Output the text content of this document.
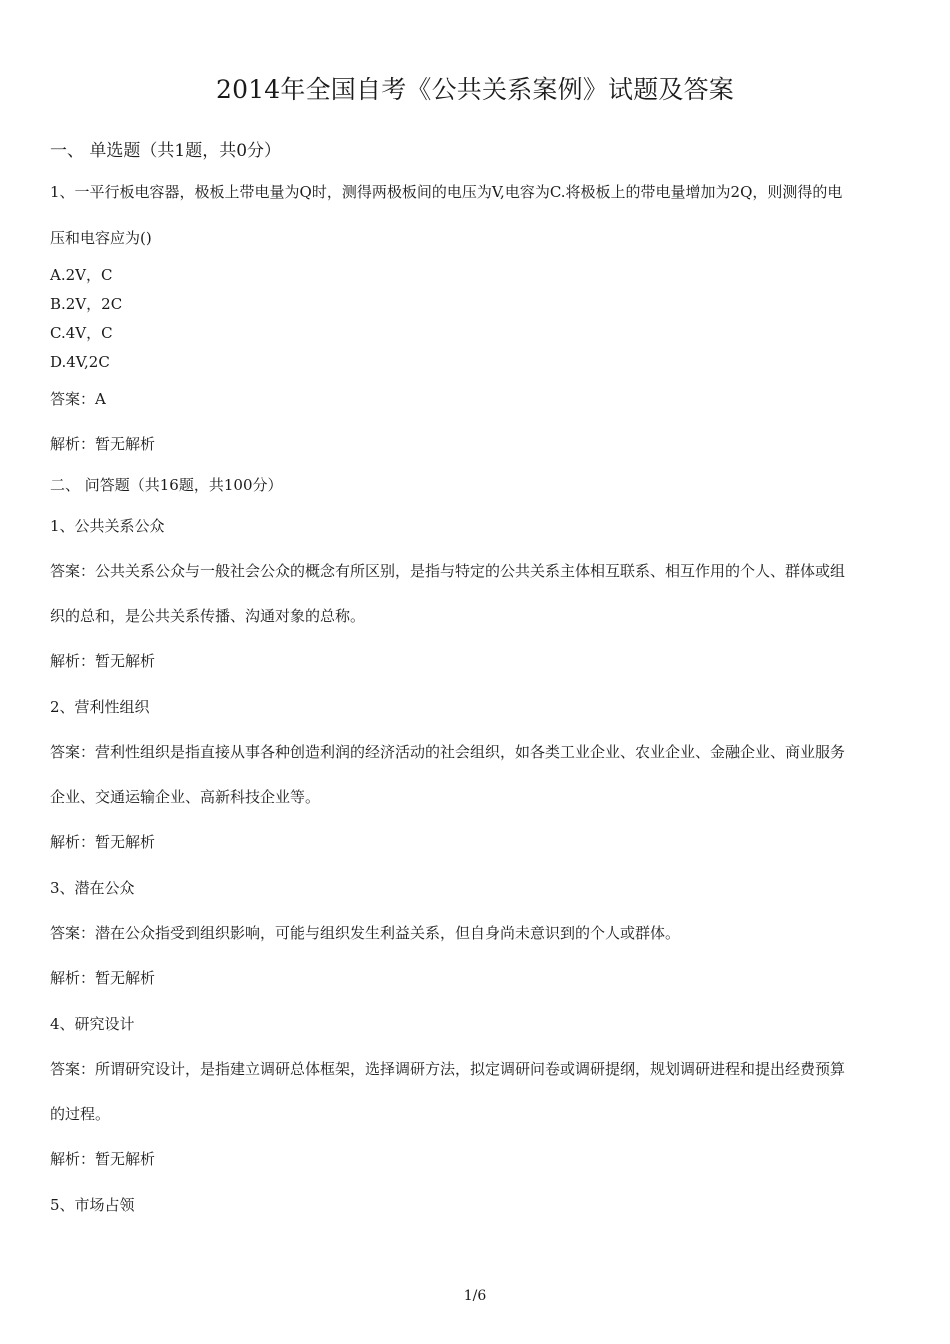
2014年全国自考《公共关系案例》试题及答案
一、 单选题（共1题，共0分）
1、一平行板电容器，极板上带电量为Q时，测得两极板间的电压为V,电容为C.将极板上的带电量增加为2Q，则测得的电
压和电容应为()
A.2V，C
B.2V，2C
C.4V，C
D.4V,2C
答案：A
解析：暂无解析
二、 问答题（共16题，共100分）
1、公共关系公众
答案：公共关系公众与一般社会公众的概念有所区别，是指与特定的公共关系主体相互联系、相互作用的个人、群体或组
织的总和，是公共关系传播、沟通对象的总称。
解析：暂无解析
2、营利性组织
答案：营利性组织是指直接从事各种创造利润的经济活动的社会组织，如各类工业企业、农业企业、金融企业、商业服务
企业、交通运输企业、高新科技企业等。
解析：暂无解析
3、潜在公众
答案：潜在公众指受到组织影响，可能与组织发生利益关系，但自身尚未意识到的个人或群体。
解析：暂无解析
4、研究设计
答案：所谓研究设计，是指建立调研总体框架，选择调研方法，拟定调研问卷或调研提纲，规划调研进程和提出经费预算
的过程。
解析：暂无解析
5、市场占领
1/6
